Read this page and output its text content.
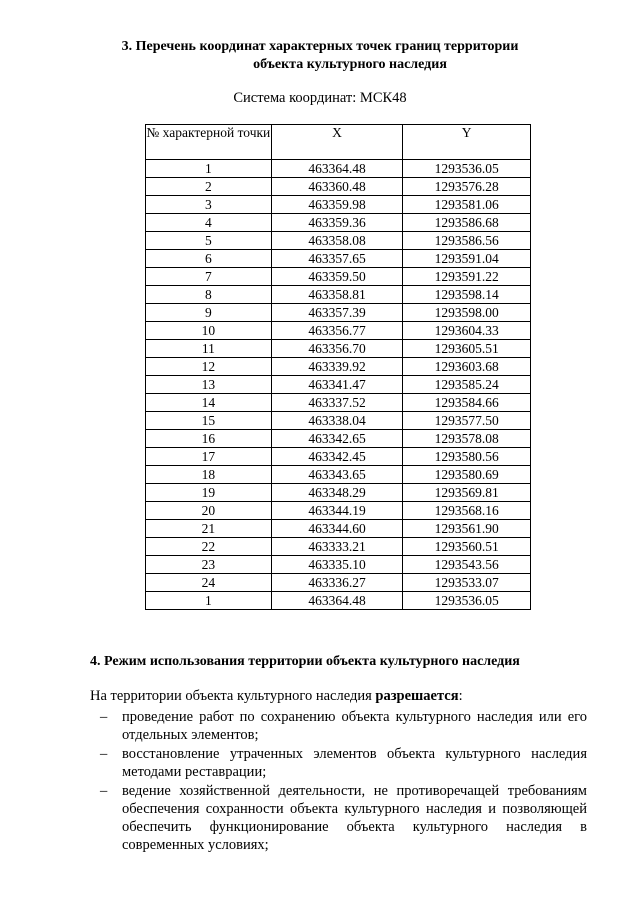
3. Перечень координат характерных точек границ территории
объекта культурного наследия
Система координат: МСК48
№ характерной точки	X	Y
1	463364.48	1293536.05
2	463360.48	1293576.28
3	463359.98	1293581.06
4	463359.36	1293586.68
5	463358.08	1293586.56
6	463357.65	1293591.04
7	463359.50	1293591.22
8	463358.81	1293598.14
9	463357.39	1293598.00
10	463356.77	1293604.33
11	463356.70	1293605.51
12	463339.92	1293603.68
13	463341.47	1293585.24
14	463337.52	1293584.66
15	463338.04	1293577.50
16	463342.65	1293578.08
17	463342.45	1293580.56
18	463343.65	1293580.69
19	463348.29	1293569.81
20	463344.19	1293568.16
21	463344.60	1293561.90
22	463333.21	1293560.51
23	463335.10	1293543.56
24	463336.27	1293533.07
1	463364.48	1293536.05
4. Режим использования территории объекта культурного наследия
На территории объекта культурного наследия разрешается:
– проведение работ по сохранению объекта культурного наследия или его отдельных элементов;
– восстановление утраченных элементов объекта культурного наследия методами реставрации;
– ведение хозяйственной деятельности, не противоречащей требованиям обеспечения сохранности объекта культурного наследия и позволяющей обеспечить функционирование объекта культурного наследия в современных условиях;
